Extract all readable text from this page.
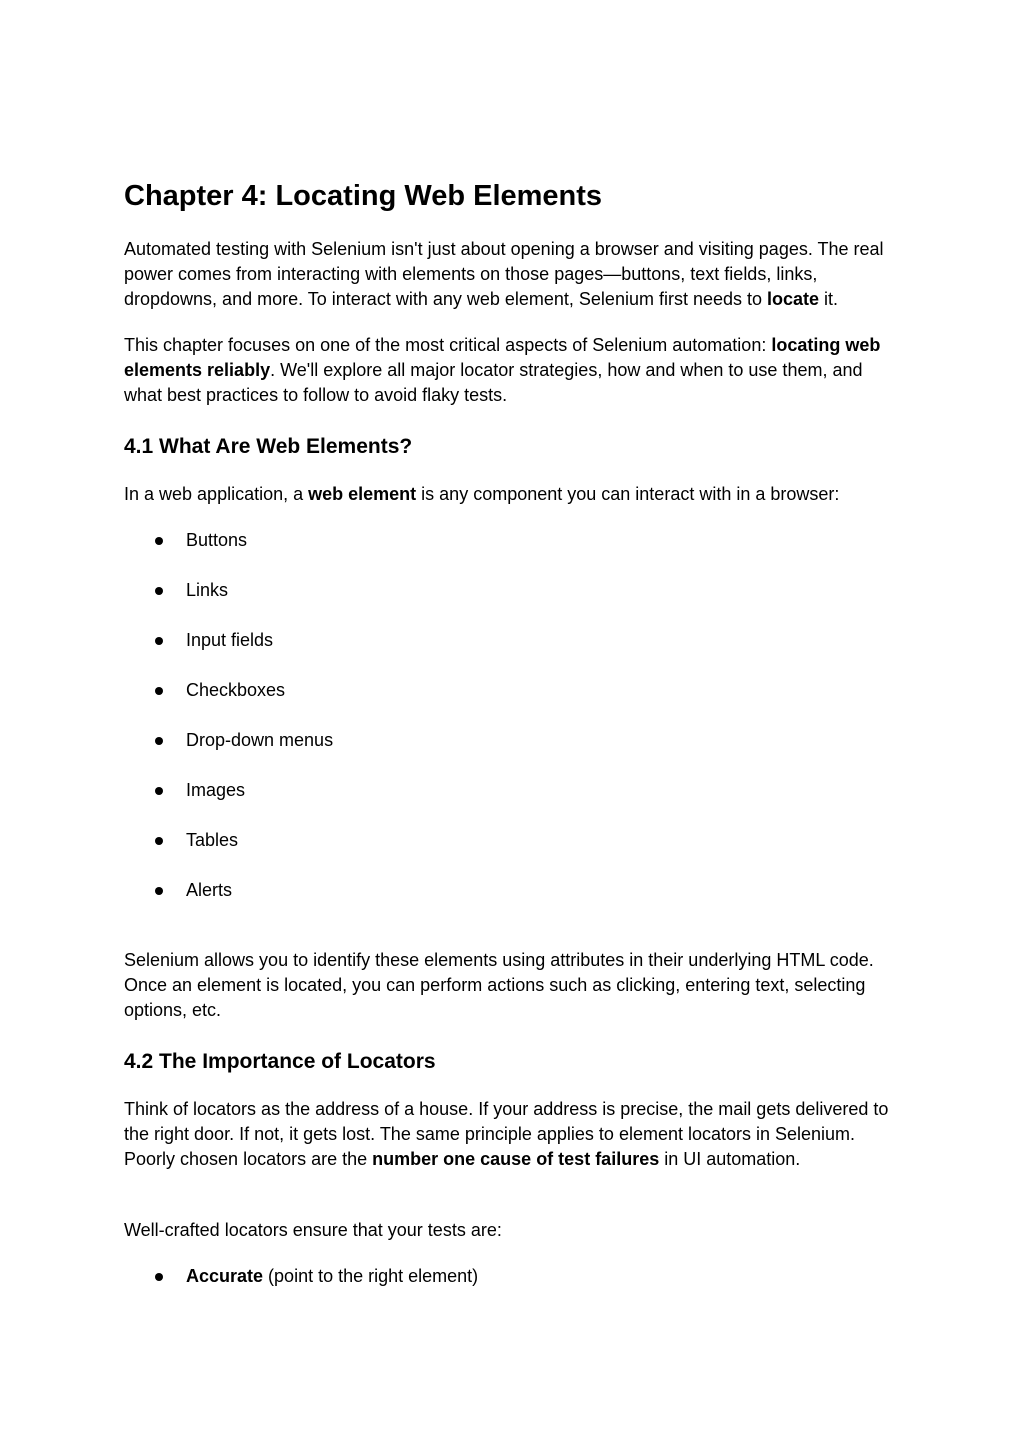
Chapter 4: Locating Web Elements

Automated testing with Selenium isn't just about opening a browser and visiting pages. The real power comes from interacting with elements on those pages—buttons, text fields, links, dropdowns, and more. To interact with any web element, Selenium first needs to locate it.

This chapter focuses on one of the most critical aspects of Selenium automation: locating web elements reliably. We'll explore all major locator strategies, how and when to use them, and what best practices to follow to avoid flaky tests.

4.1 What Are Web Elements?

In a web application, a web element is any component you can interact with in a browser:

Buttons
Links
Input fields
Checkboxes
Drop-down menus
Images
Tables
Alerts

Selenium allows you to identify these elements using attributes in their underlying HTML code. Once an element is located, you can perform actions such as clicking, entering text, selecting options, etc.

4.2 The Importance of Locators

Think of locators as the address of a house. If your address is precise, the mail gets delivered to the right door. If not, it gets lost. The same principle applies to element locators in Selenium. Poorly chosen locators are the number one cause of test failures in UI automation.

Well-crafted locators ensure that your tests are:

Accurate (point to the right element)
